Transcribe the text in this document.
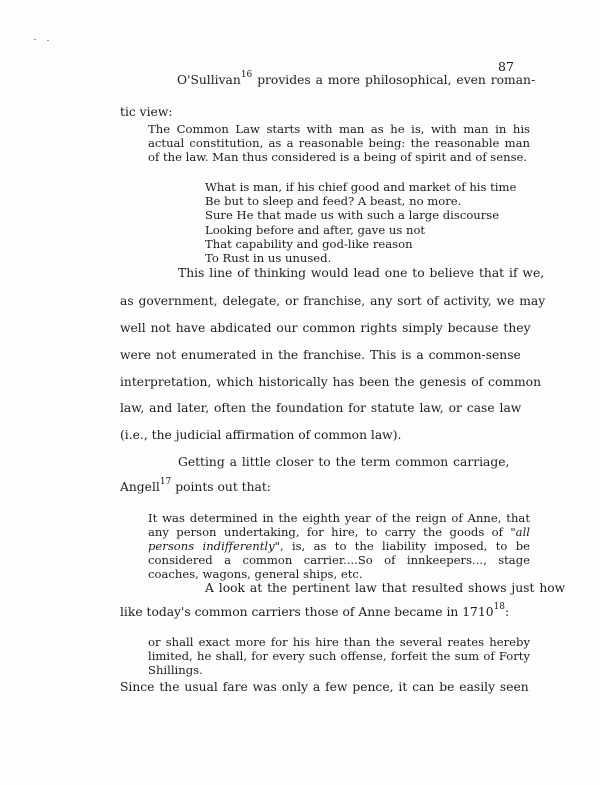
87
O'Sullivan$^{16}$ provides a more philosophical, even roman-
tic view:
The Common Law starts with man as he is, with man in his actual constitution, as a reasonable being: the reasonable man of the law. Man thus considered is a being of spirit and of sense.
What is man, if his chief good and market of his time
Be but to sleep and feed? A beast, no more.
Sure He that made us with such a large discourse
Looking before and after, gave us not
That capability and god-like reason
To Rust in us unused.
This line of thinking would lead one to believe that if we,
as government, delegate, or franchise, any sort of activity, we may
well not have abdicated our common rights simply because they
were not enumerated in the franchise. This is a common-sense
interpretation, which historically has been the genesis of common
law, and later, often the foundation for statute law, or case law
(i.e., the judicial affirmation of common law).
Getting a little closer to the term common carriage,
Angell$^{17}$ points out that:
It was determined in the eighth year of the reign of Anne, that any person undertaking, for hire, to carry the goods of "all persons indifferently", is, as to the liability imposed, to be considered a common carrier....So of innkeepers..., stage coaches, wagons, general ships, etc.
A look at the pertinent law that resulted shows just how
like today's common carriers those of Anne became in 1710$^{18}$:
or shall exact more for his hire than the several reates hereby limited, he shall, for every such offense, forfeit the sum of Forty Shillings.
Since the usual fare was only a few pence, it can be easily seen
